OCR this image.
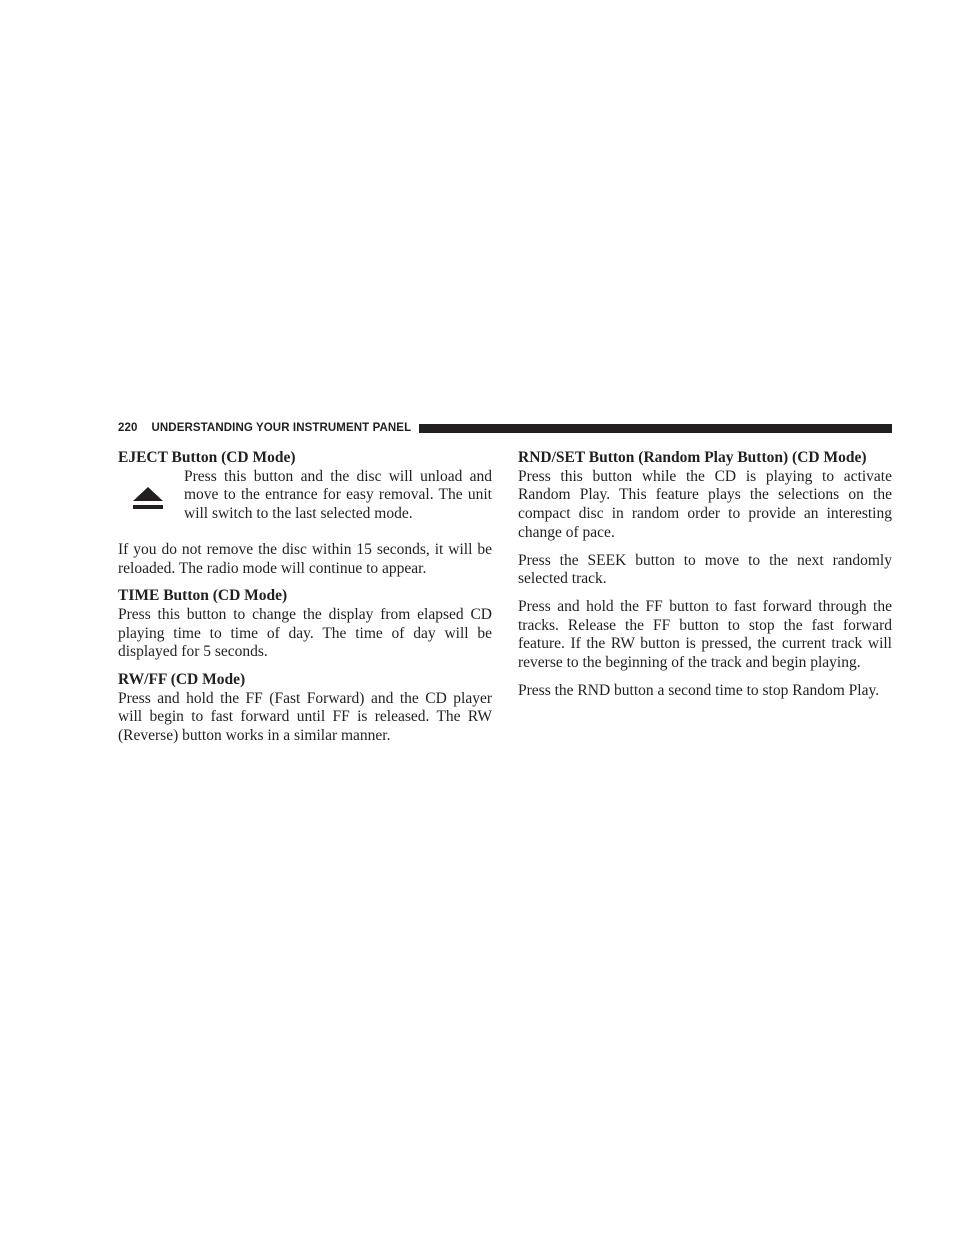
220 UNDERSTANDING YOUR INSTRUMENT PANEL

EJECT Button (CD Mode)

Press this button and the disc will unload and move to the entrance for easy removal. The unit will switch to the last selected mode.

If you do not remove the disc within 15 seconds, it will be reloaded. The radio mode will continue to appear.

TIME Button (CD Mode)

Press this button to change the display from elapsed CD playing time to time of day. The time of day will be displayed for 5 seconds.

RW/FF (CD Mode)

Press and hold the FF (Fast Forward) and the CD player will begin to fast forward until FF is released. The RW (Reverse) button works in a similar manner.

RND/SET Button (Random Play Button) (CD Mode)

Press this button while the CD is playing to activate Random Play. This feature plays the selections on the compact disc in random order to provide an interesting change of pace.

Press the SEEK button to move to the next randomly selected track.

Press and hold the FF button to fast forward through the tracks. Release the FF button to stop the fast forward feature. If the RW button is pressed, the current track will reverse to the beginning of the track and begin playing.

Press the RND button a second time to stop Random Play.
